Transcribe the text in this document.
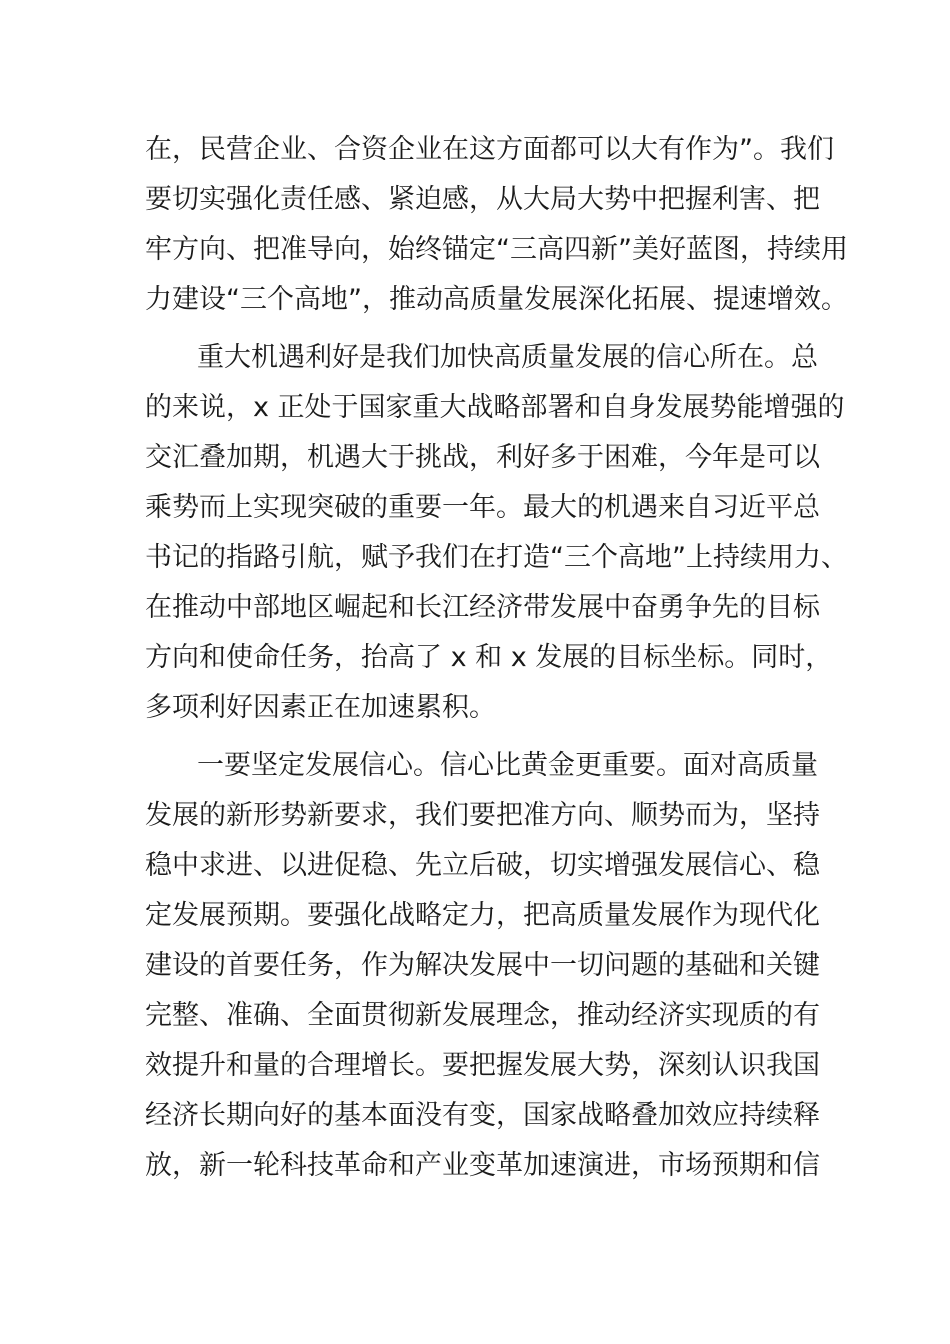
在，民营企业、合资企业在这方面都可以大有作为”。我们
要切实强化责任感、紧迫感，从大局大势中把握利害、把
牢方向、把准导向，始终锚定“三高四新”美好蓝图，持续用
力建设“三个高地”，推动高质量发展深化拓展、提速增效。
重大机遇利好是我们加快高质量发展的信心所在。总
的来说，x 正处于国家重大战略部署和自身发展势能增强的
交汇叠加期，机遇大于挑战，利好多于困难，今年是可以
乘势而上实现突破的重要一年。最大的机遇来自习近平总
书记的指路引航，赋予我们在打造“三个高地”上持续用力、
在推动中部地区崛起和长江经济带发展中奋勇争先的目标
方向和使命任务，抬高了 x 和 x 发展的目标坐标。同时，
多项利好因素正在加速累积。
一要坚定发展信心。信心比黄金更重要。面对高质量
发展的新形势新要求，我们要把准方向、顺势而为，坚持
稳中求进、以进促稳、先立后破，切实增强发展信心、稳
定发展预期。要强化战略定力，把高质量发展作为现代化
建设的首要任务，作为解决发展中一切问题的基础和关键
完整、准确、全面贯彻新发展理念，推动经济实现质的有
效提升和量的合理增长。要把握发展大势，深刻认识我国
经济长期向好的基本面没有变，国家战略叠加效应持续释
放，新一轮科技革命和产业变革加速演进，市场预期和信
